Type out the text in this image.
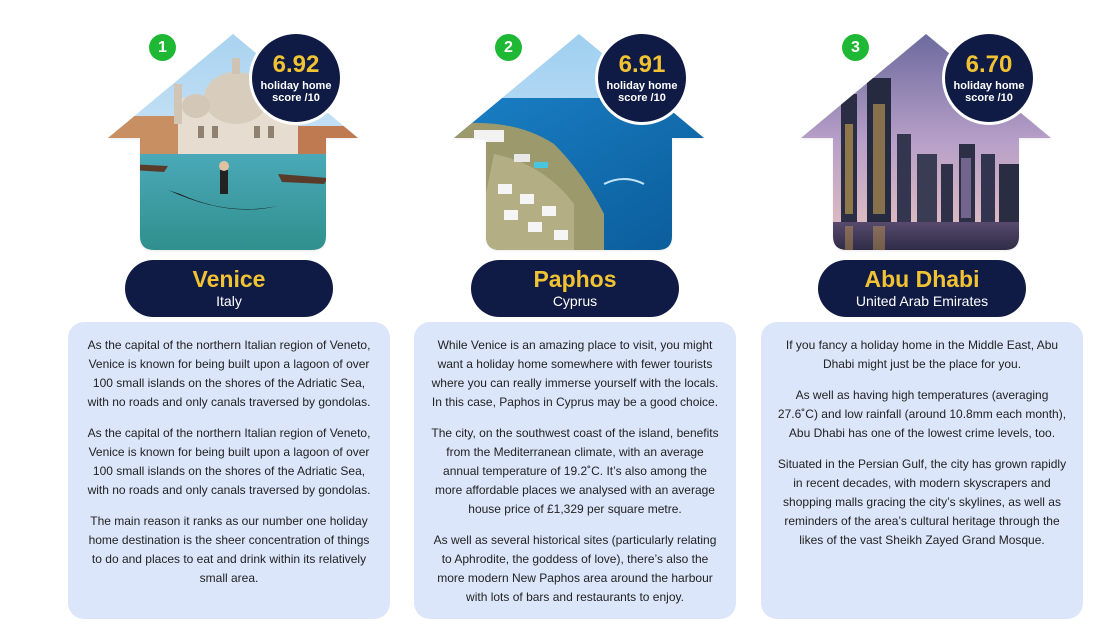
1
6.92
holiday home
score /10
Venice
Italy

As the capital of the northern Italian region of Veneto, Venice is known for being built upon a lagoon of over 100 small islands on the shores of the Adriatic Sea, with no roads and only canals traversed by gondolas.

As the capital of the northern Italian region of Veneto, Venice is known for being built upon a lagoon of over 100 small islands on the shores of the Adriatic Sea, with no roads and only canals traversed by gondolas.

The main reason it ranks as our number one holiday home destination is the sheer concentration of things to do and places to eat and drink within its relatively small area.

2
6.91
holiday home
score /10
Paphos
Cyprus

While Venice is an amazing place to visit, you might want a holiday home somewhere with fewer tourists where you can really immerse yourself with the locals. In this case, Paphos in Cyprus may be a good choice.

The city, on the southwest coast of the island, benefits from the Mediterranean climate, with an average annual temperature of 19.2˚C. It’s also among the more affordable places we analysed with an average house price of £1,329 per square metre.

As well as several historical sites (particularly relating to Aphrodite, the goddess of love), there’s also the more modern New Paphos area around the harbour with lots of bars and restaurants to enjoy.

3
6.70
holiday home
score /10
Abu Dhabi
United Arab Emirates

If you fancy a holiday home in the Middle East, Abu Dhabi might just be the place for you.

As well as having high temperatures (averaging 27.6˚C) and low rainfall (around 10.8mm each month), Abu Dhabi has one of the lowest crime levels, too.

Situated in the Persian Gulf, the city has grown rapidly in recent decades, with modern skyscrapers and shopping malls gracing the city’s skylines, as well as reminders of the area’s cultural heritage through the likes of the vast Sheikh Zayed Grand Mosque.
